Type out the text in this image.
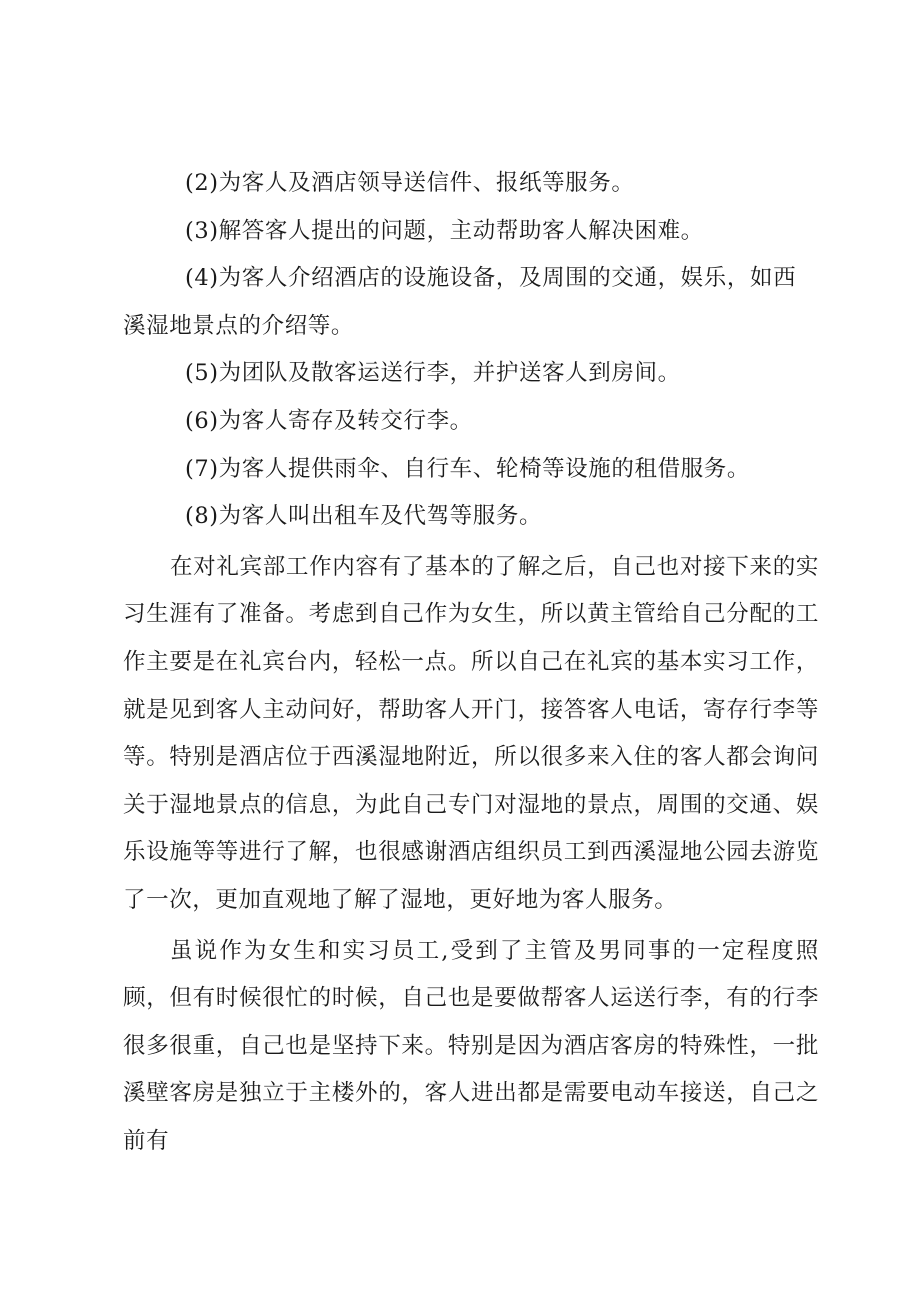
(2)为客人及酒店领导送信件、报纸等服务。

(3)解答客人提出的问题，主动帮助客人解决困难。

(4)为客人介绍酒店的设施设备，及周围的交通，娱乐，如西溪湿地景点的介绍等。

(5)为团队及散客运送行李，并护送客人到房间。

(6)为客人寄存及转交行李。

(7)为客人提供雨伞、自行车、轮椅等设施的租借服务。

(8)为客人叫出租车及代驾等服务。

在对礼宾部工作内容有了基本的了解之后，自己也对接下来的实习生涯有了准备。考虑到自己作为女生，所以黄主管给自己分配的工作主要是在礼宾台内，轻松一点。所以自己在礼宾的基本实习工作，就是见到客人主动问好，帮助客人开门，接答客人电话，寄存行李等等。特别是酒店位于西溪湿地附近，所以很多来入住的客人都会询问关于湿地景点的信息，为此自己专门对湿地的景点，周围的交通、娱乐设施等等进行了解，也很感谢酒店组织员工到西溪湿地公园去游览了一次，更加直观地了解了湿地，更好地为客人服务。

虽说作为女生和实习员工,受到了主管及男同事的一定程度照顾，但有时候很忙的时候，自己也是要做帮客人运送行李，有的行李很多很重，自己也是坚持下来。特别是因为酒店客房的特殊性，一批溪壁客房是独立于主楼外的，客人进出都是需要电动车接送，自己之前有
